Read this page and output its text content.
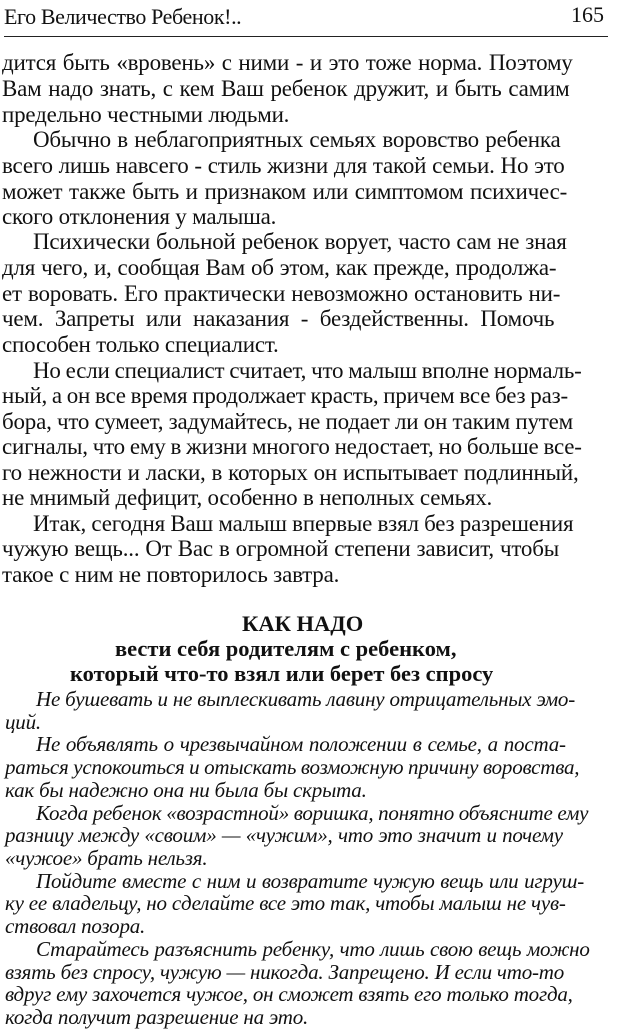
Его Величество Ребенок!..	165
дится быть «вровень» с ними - и это тоже норма. Поэтому
Вам надо знать, с кем Ваш ребенок дружит, и быть самим
предельно честными людьми.
Обычно в неблагоприятных семьях воровство ребенка
всего лишь навсего - стиль жизни для такой семьи. Но это
может также быть и признаком или симптомом психичес-
ского отклонения у малыша.
Психически больной ребенок ворует, часто сам не зная
для чего, и, сообщая Вам об этом, как прежде, продолжа-
ет воровать. Его практически невозможно остановить ни-
чем. Запреты или наказания - бездейственны. Помочь
способен только специалист.
Но если специалист считает, что малыш вполне нормаль-
ный, а он все время продолжает красть, причем все без раз-
бора, что сумеет, задумайтесь, не подает ли он таким путем
сигналы, что ему в жизни многого недостает, но больше все-
го нежности и ласки, в которых он испытывает подлинный,
не мнимый дефицит, особенно в неполных семьях.
Итак, сегодня Ваш малыш впервые взял без разрешения
чужую вещь... От Вас в огромной степени зависит, чтобы
такое с ним не повторилось завтра.
КАК НАДО
вести себя родителям с ребенком,
который что-то взял или берет без спросу
Не бушевать и не выплескивать лавину отрицательных эмо-
ций.
Не объявлять о чрезвычайном положении в семье, а поста-
раться успокоиться и отыскать возможную причину воровства,
как бы надежно она ни была бы скрыта.
Когда ребенок «возрастной» воришка, понятно объясните ему
разницу между «своим» — «чужим», что это значит и почему
«чужое» брать нельзя.
Пойдите вместе с ним и возвратите чужую вещь или игруш-
ку ее владельцу, но сделайте все это так, чтобы малыш не чув-
ствовал позора.
Старайтесь разъяснить ребенку, что лишь свою вещь можно
взять без спросу, чужую — никогда. Запрещено. И если что-то
вдруг ему захочется чужое, он сможет взять его только тогда,
когда получит разрешение на это.
